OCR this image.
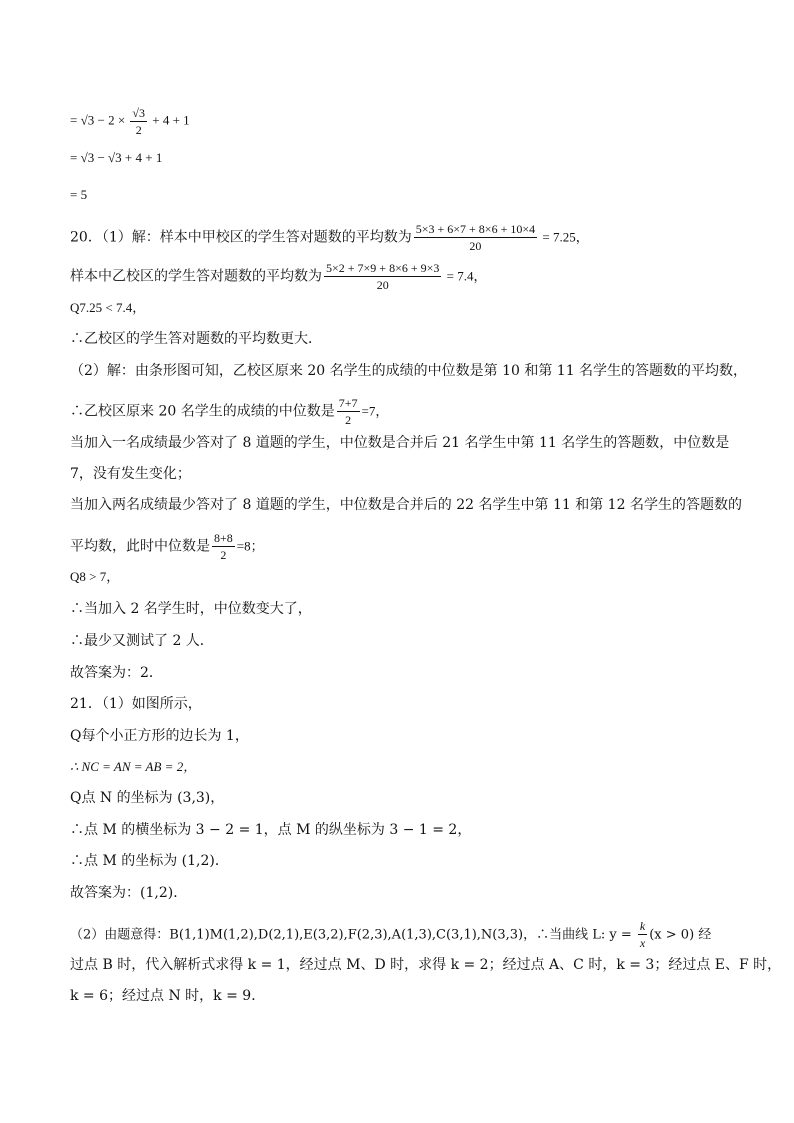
= $√3 - 2 \times \frac{√3}{2} + 4 + 1$
= √3 − √3 + 4 + 1
= 5
20．（1）解：样本中甲校区的学生答对题数的平均数为 $\frac{5\times 3 + 6\times 7 + 8\times 6 + 10\times 4}{20} = 7.25$，
样本中乙校区的学生答对题数的平均数为 $\frac{5\times 2 + 7\times 9 + 8\times 6 + 9\times 3}{20} = 7.4$，
Q7.25 < 7.4，
∴乙校区的学生答对题数的平均数更大．
（2）解：由条形图可知，乙校区原来 20 名学生的成绩的中位数是第 10 和第 11 名学生的答题数的平均数，
∴乙校区原来 20 名学生的成绩的中位数是 $\frac{7+7}{2} =7$，
当加入一名成绩最少答对了 8 道题的学生，中位数是合并后 21 名学生中第 11 名学生的答题数，中位数是
7，没有发生变化；
当加入两名成绩最少答对了 8 道题的学生，中位数是合并后的 22 名学生中第 11 和第 12 名学生的答题数的
平均数，此时中位数是 $\frac{8+8}{2} =8$；
Q8 > 7，
∴当加入 2 名学生时，中位数变大了，
∴最少又测试了 2 人．
故答案为：2．
21．（1）如图所示，
Q每个小正方形的边长为 1，
∴ NC = AN = AB = 2，
Q点 N 的坐标为 (3,3)，
∴点 M 的横坐标为 3 − 2 = 1，点 M 的纵坐标为 3 − 1 = 2，
∴点 M 的坐标为 (1,2)．
故答案为：(1,2)．
（2）由题意得：B(1,1)M(1,2),D(2,1),E(3,2),F(2,3),A(1,3),C(3,1),N(3,3)，∴当曲线 L: $y = \frac{k}{x} (x > 0)$ 经
过点 B 时，代入解析式求得 k = 1，经过点 M、D 时，求得 k = 2；经过点 A、C 时，k = 3；经过点 E、F 时，
k = 6；经过点 N 时，k = 9．
